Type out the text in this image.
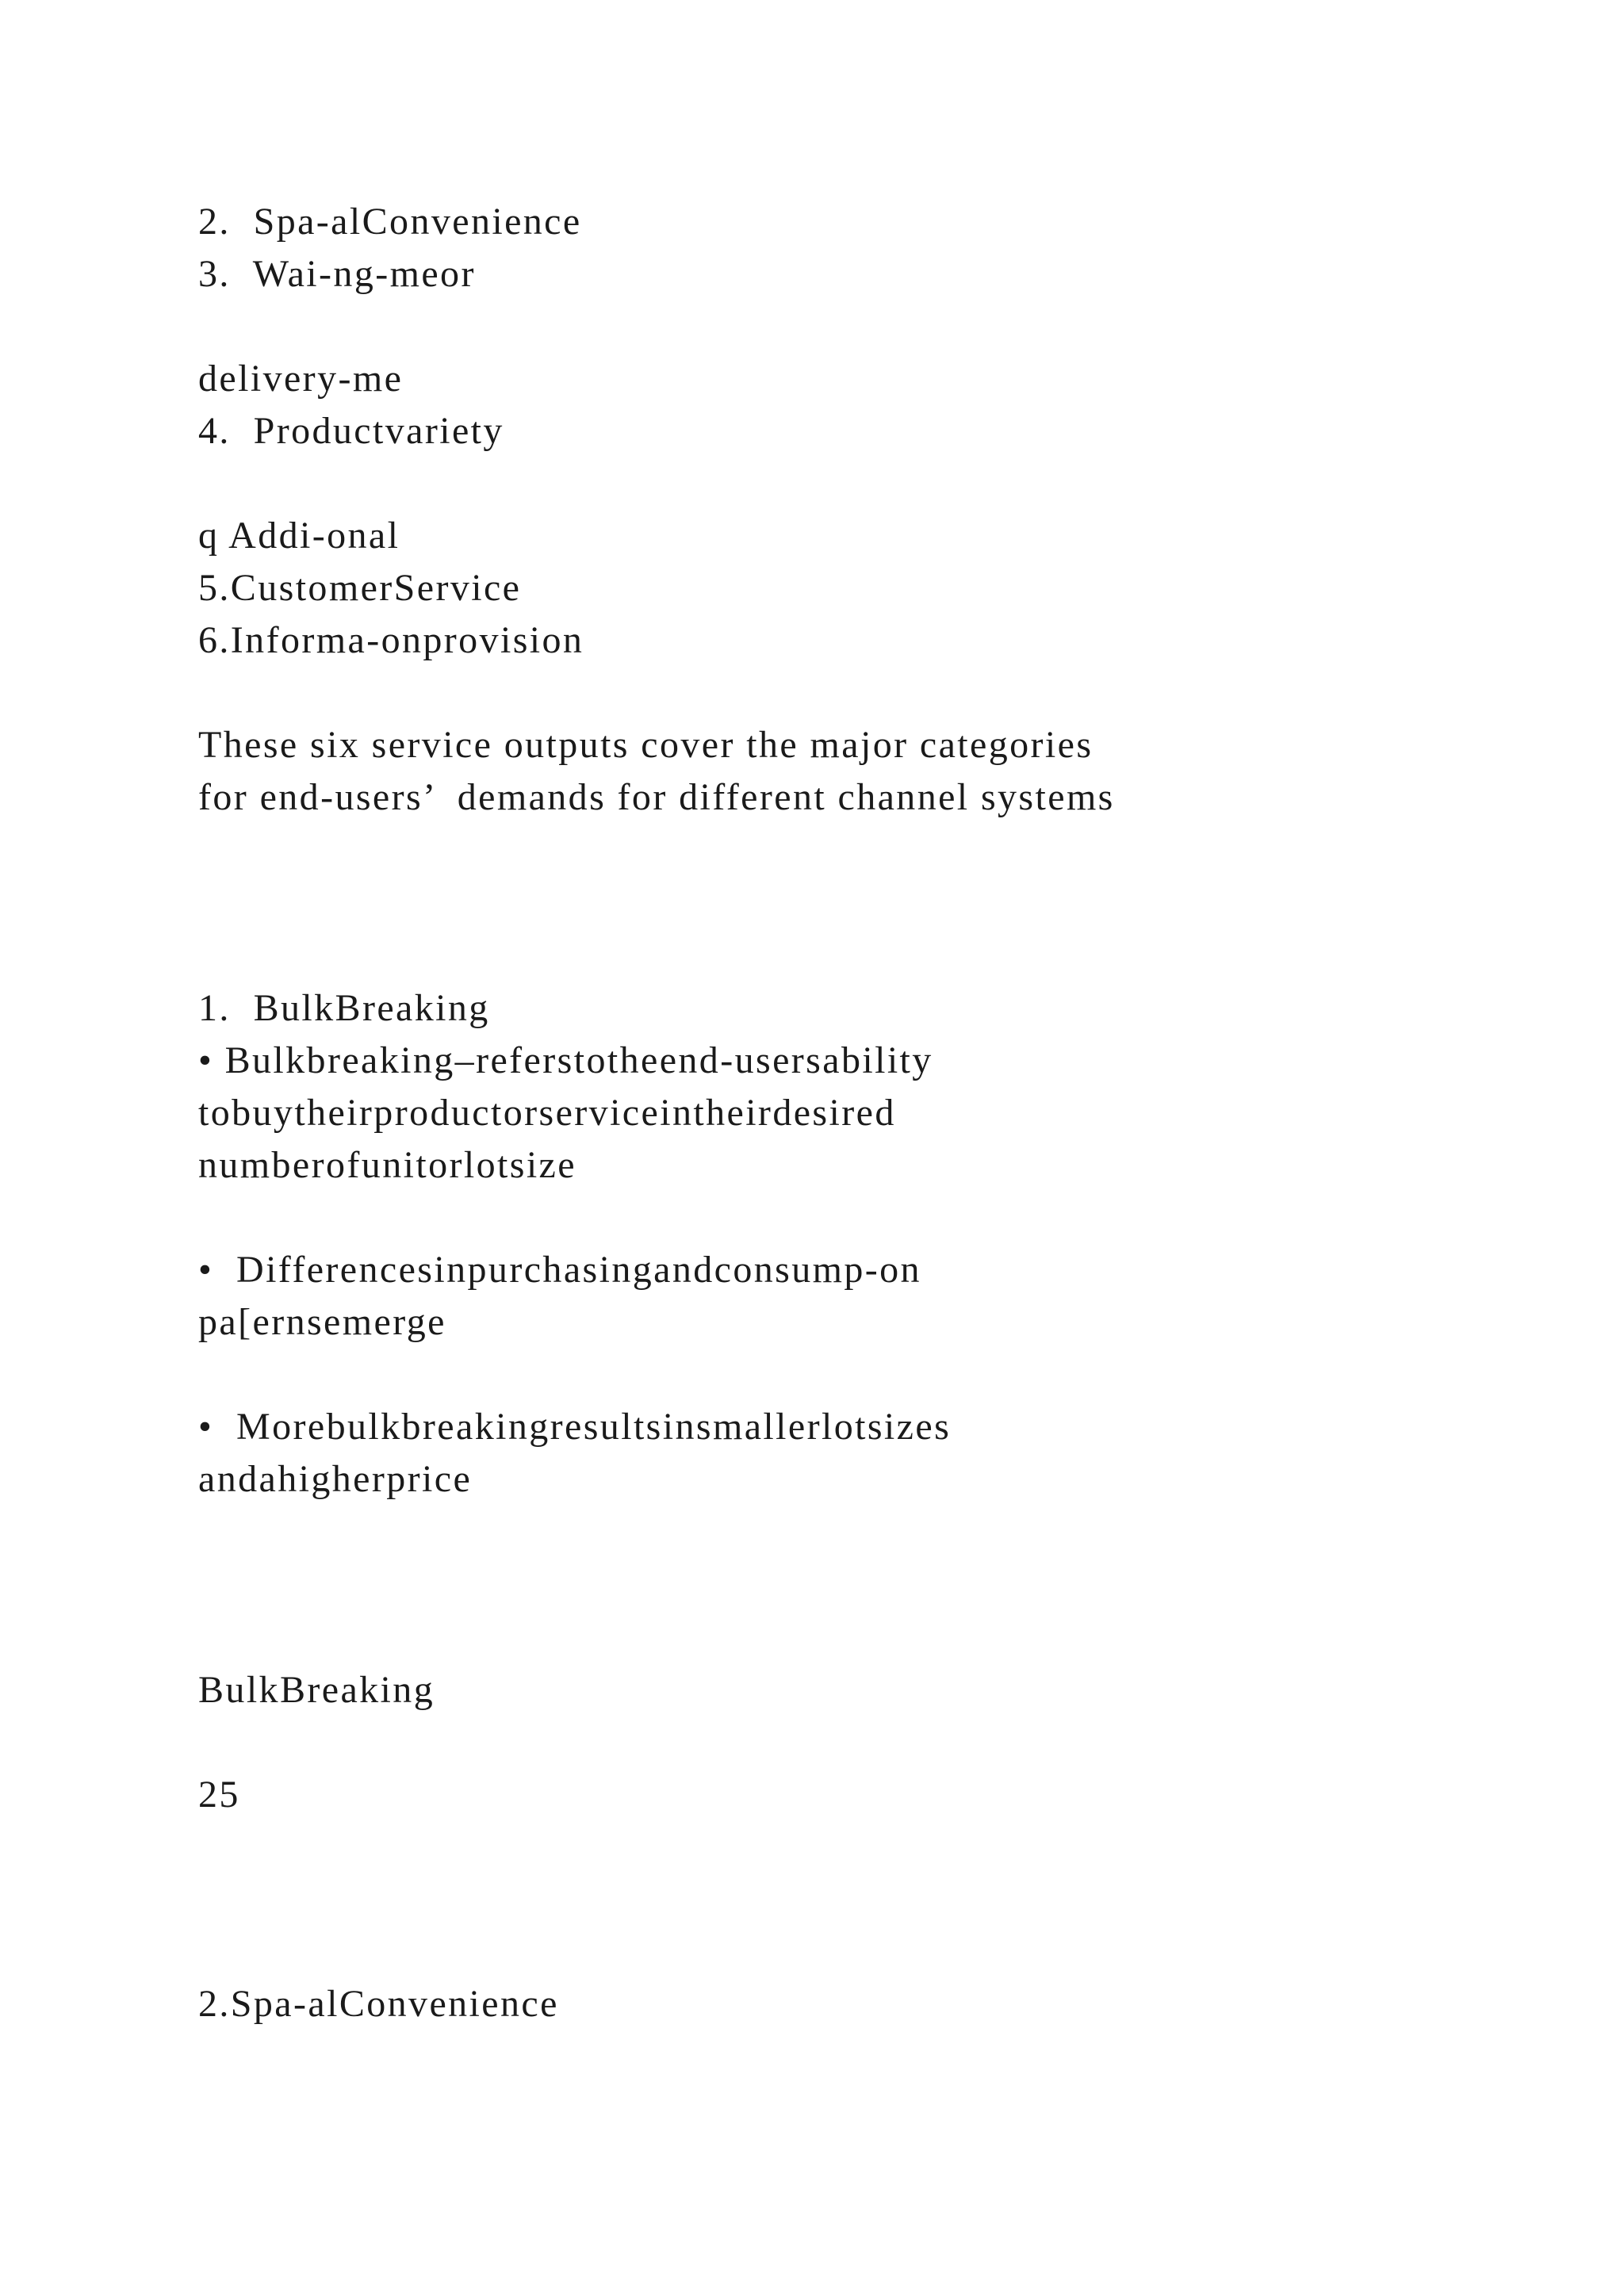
2.  Spa-alConvenience
3.  Wai-ng-meor
delivery-me
4.  Productvariety
q Addi-onal
5.CustomerService
6.Informa-onprovision
These six service outputs cover the major categories
for end-users’  demands for different channel systems
1.  BulkBreaking
• Bulkbreaking–referstotheend-usersability
tobuytheirproductorserviceintheirdesired
numberofunitorlotsize
•  Differencesinpurchasingandconsump-on
pa[ernsemerge
•  Morebulkbreakingresultsinsmallerlotsizes
andahigherprice
BulkBreaking
25
2.Spa-alConvenience
